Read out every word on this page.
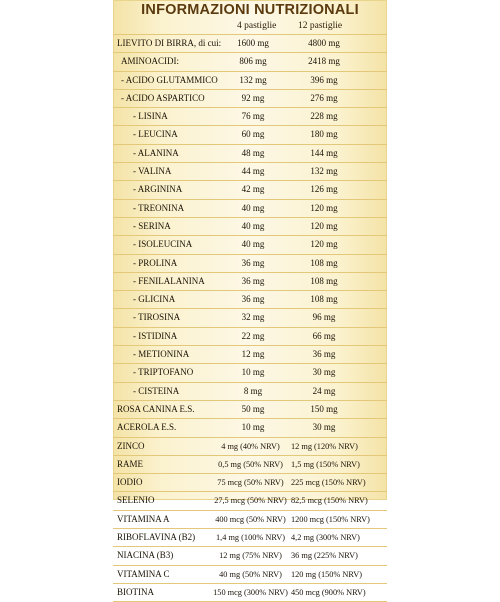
INFORMAZIONI NUTRIZIONALI
4 pastiglie	12 pastiglie
LIEVITO DI BIRRA, di cui:	1600 mg	4800 mg
AMINOACIDI:	806 mg	2418 mg
- ACIDO GLUTAMMICO	132 mg	396 mg
- ACIDO ASPARTICO	92 mg	276 mg
- LISINA	76 mg	228 mg
- LEUCINA	60 mg	180 mg
- ALANINA	48 mg	144 mg
- VALINA	44 mg	132 mg
- ARGININA	42 mg	126 mg
- TREONINA	40 mg	120 mg
- SERINA	40 mg	120 mg
- ISOLEUCINA	40 mg	120 mg
- PROLINA	36 mg	108 mg
- FENILALANINA	36 mg	108 mg
- GLICINA	36 mg	108 mg
- TIROSINA	32 mg	96 mg
- ISTIDINA	22 mg	66 mg
- METIONINA	12 mg	36 mg
- TRIPTOFANO	10 mg	30 mg
- CISTEINA	8 mg	24 mg
ROSA CANINA E.S.	50 mg	150 mg
ACEROLA E.S.	10 mg	30 mg
ZINCO	4 mg (40% NRV)	12 mg (120% NRV)
RAME	0,5 mg (50% NRV) 1,5 mg (150% NRV)
IODIO	75 mcg (50% NRV) 225 mcg (150% NRV)
SELENIO	27,5 mcg (50% NRV) 82,5 mcg (150% NRV)
VITAMINA A	400 mcg (50% NRV) 1200 mcg (150% NRV)
RIBOFLAVINA (B2)	1,4 mg (100% NRV) 4,2 mg (300% NRV)
NIACINA (B3)	12 mg (75% NRV)	36 mg (225% NRV)
VITAMINA C	40 mg (50% NRV)	120 mg (150% NRV)
BIOTINA	150 mcg (300% NRV) 450 mcg (900% NRV)
